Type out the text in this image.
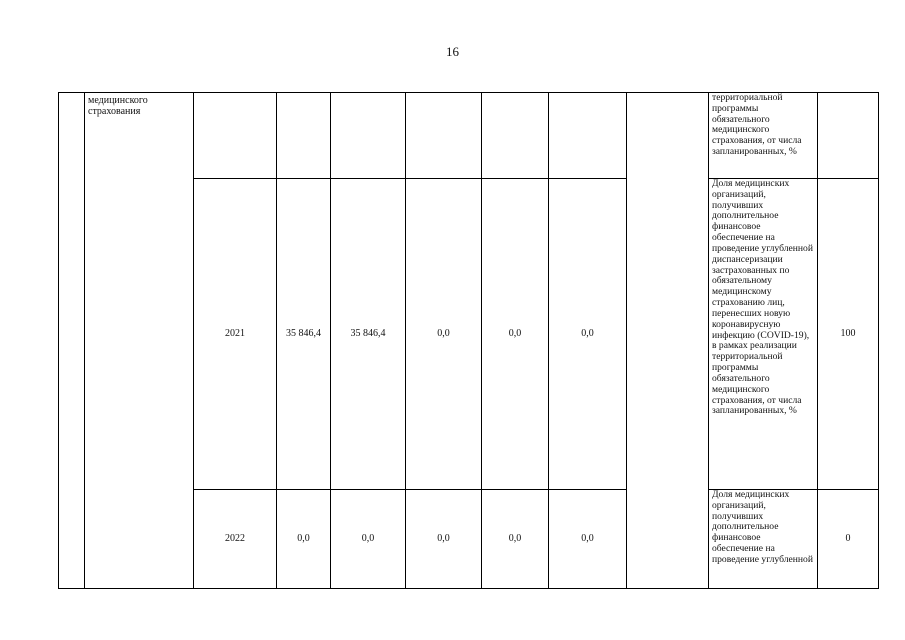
16
	медицинского страхования								территориальной программы обязательного медицинского страхования, от числа запланированных, %	
		2021	35 846,4	35 846,4	0,0	0,0	0,0		Доля медицинских организаций, получивших дополнительное финансовое обеспечение на проведение углубленной диспансеризации застрахованных по обязательному медицинскому страхованию лиц, перенесших новую коронавирусную инфекцию (COVID-19), в рамках реализации территориальной программы обязательного медицинского страхования, от числа запланированных, %	100
		2022	0,0	0,0	0,0	0,0	0,0		Доля медицинских организаций, получивших дополнительное финансовое обеспечение на проведение углубленной	0
